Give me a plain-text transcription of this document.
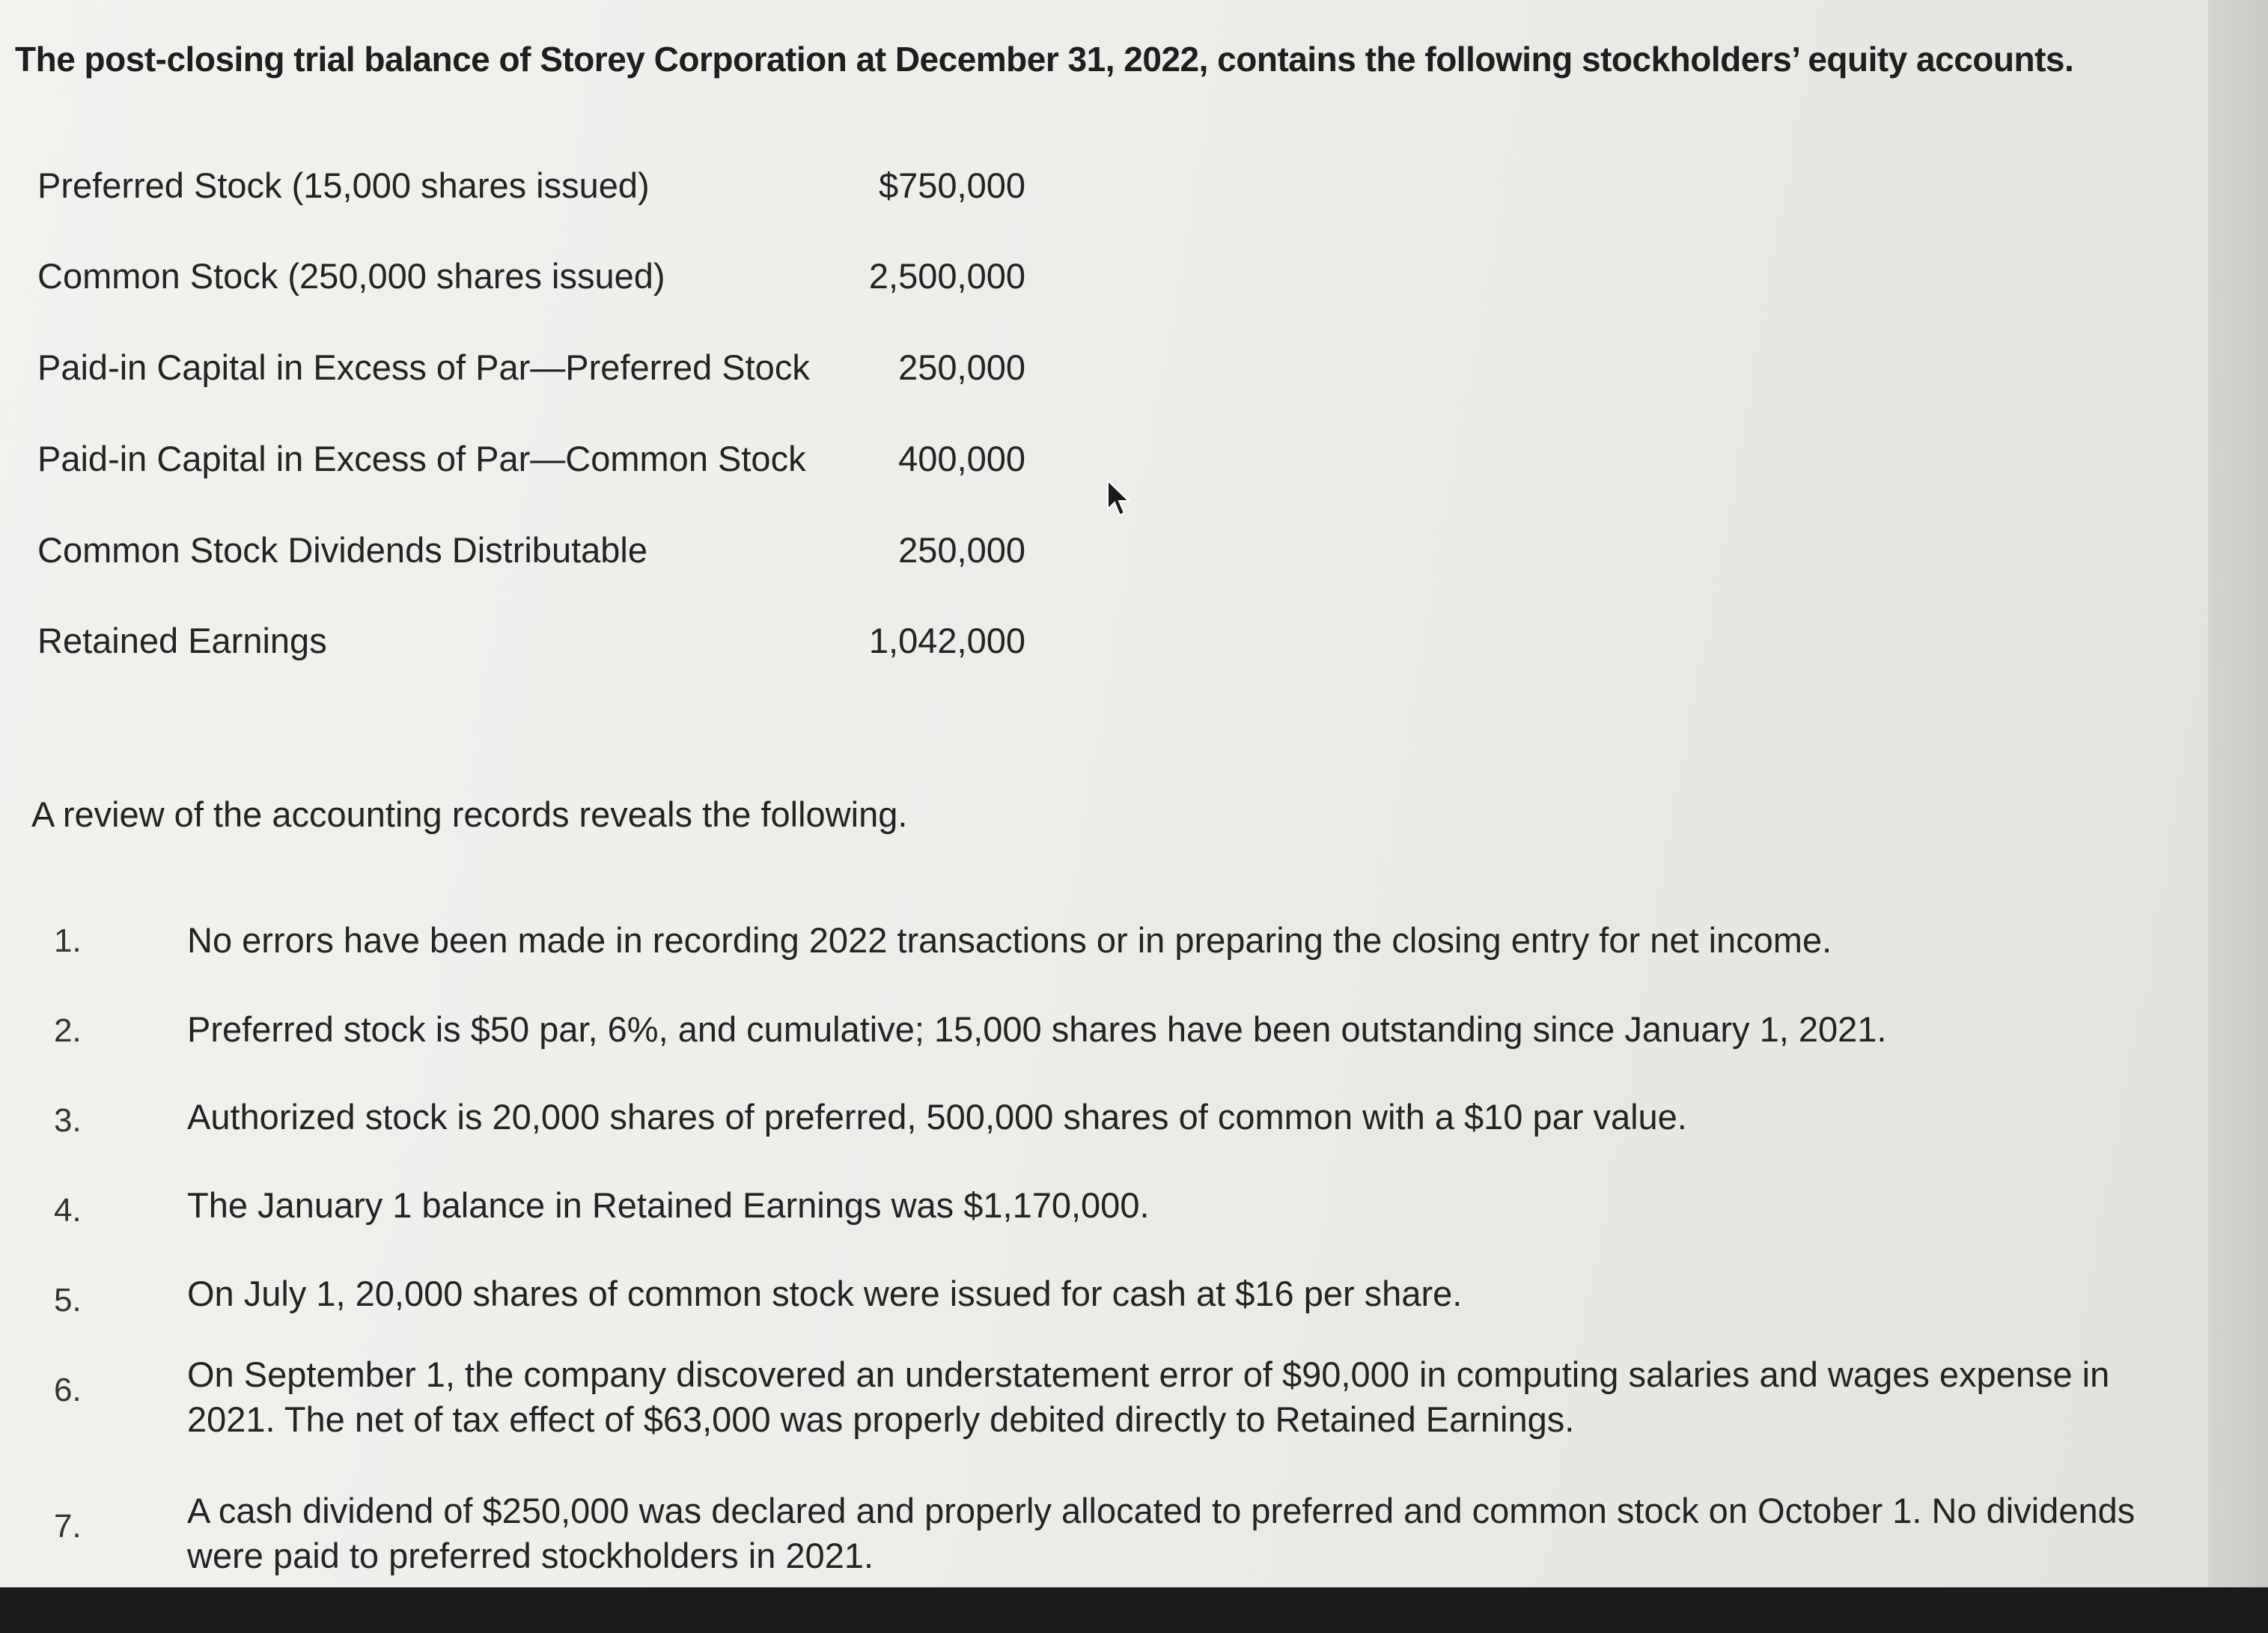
The post-closing trial balance of Storey Corporation at December 31, 2022, contains the following stockholders’ equity accounts.
Preferred Stock (15,000 shares issued)	$750,000
Common Stock (250,000 shares issued)	2,500,000
Paid-in Capital in Excess of Par—Preferred Stock	250,000
Paid-in Capital in Excess of Par—Common Stock	400,000
Common Stock Dividends Distributable	250,000
Retained Earnings	1,042,000
A review of the accounting records reveals the following.
1.	No errors have been made in recording 2022 transactions or in preparing the closing entry for net income.
2.	Preferred stock is $50 par, 6%, and cumulative; 15,000 shares have been outstanding since January 1, 2021.
3.	Authorized stock is 20,000 shares of preferred, 500,000 shares of common with a $10 par value.
4.	The January 1 balance in Retained Earnings was $1,170,000.
5.	On July 1, 20,000 shares of common stock were issued for cash at $16 per share.
6.	On September 1, the company discovered an understatement error of $90,000 in computing salaries and wages expense in 2021. The net of tax effect of $63,000 was properly debited directly to Retained Earnings.
7.	A cash dividend of $250,000 was declared and properly allocated to preferred and common stock on October 1. No dividends were paid to preferred stockholders in 2021.
